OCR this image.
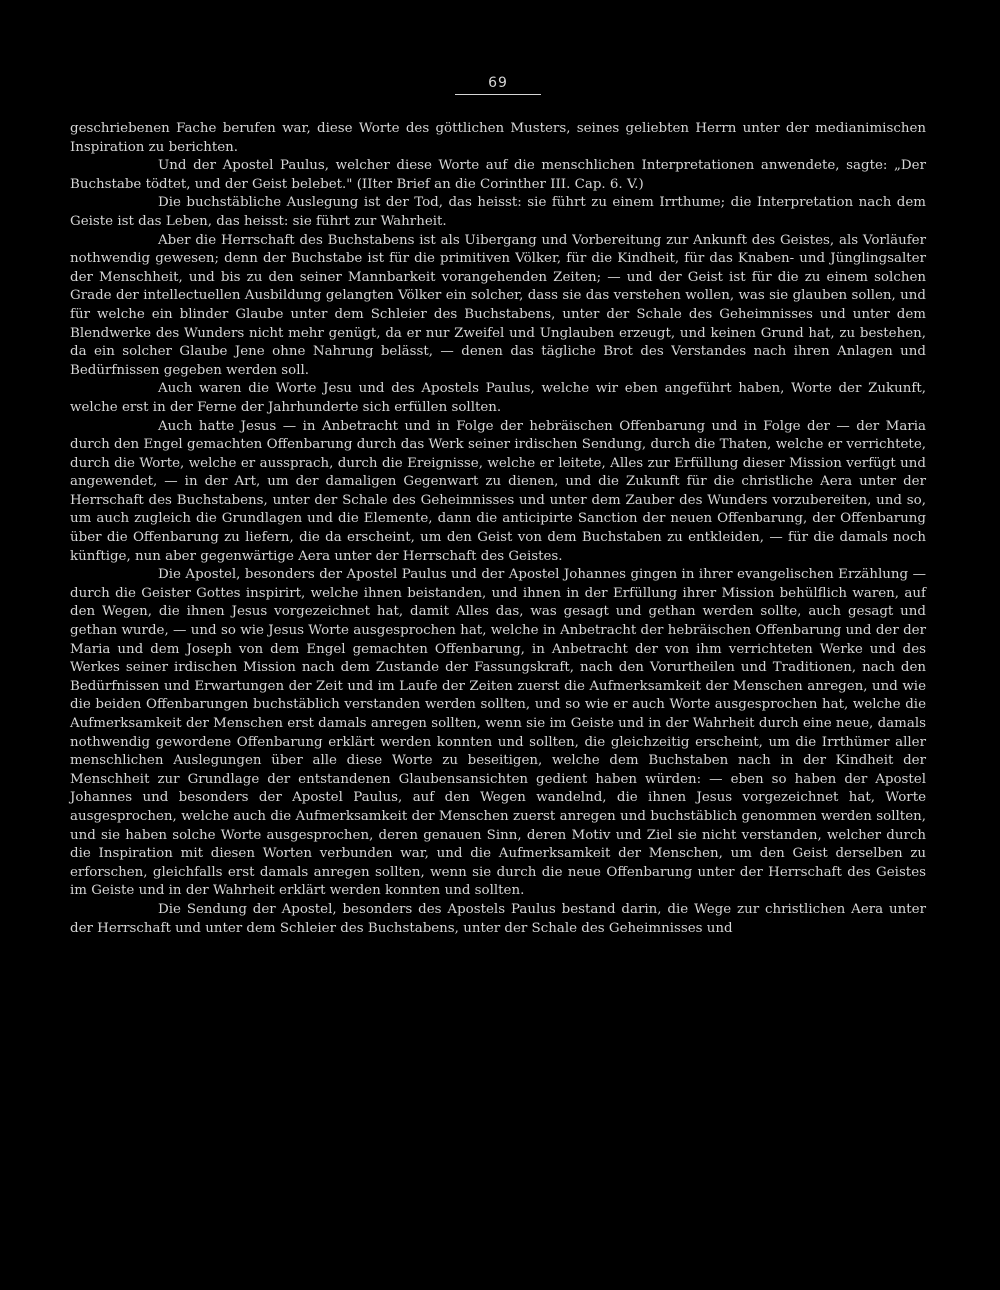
69

geschriebenen Fache berufen war, diese Worte des göttlichen Musters, seines geliebten Herrn unter der medianimischen Inspiration zu berichten.

Und der Apostel Paulus, welcher diese Worte auf die menschlichen Interpretationen anwendete, sagte: „Der Buchstabe tödtet, und der Geist belebet." (IIter Brief an die Corinther III. Cap. 6. V.)

Die buchstäbliche Auslegung ist der Tod, das heisst: sie führt zu einem Irrthume; die Interpretation nach dem Geiste ist das Leben, das heisst: sie führt zur Wahrheit.

Aber die Herrschaft des Buchstabens ist als Uibergang und Vorbereitung zur Ankunft des Geistes, als Vorläufer nothwendig gewesen; denn der Buchstabe ist für die primitiven Völker, für die Kindheit, für das Knaben- und Jünglingsalter der Menschheit, und bis zu den seiner Mannbarkeit vorangehenden Zeiten; — und der Geist ist für die zu einem solchen Grade der intellectuellen Ausbildung gelangten Völker ein solcher, dass sie das verstehen wollen, was sie glauben sollen, und für welche ein blinder Glaube unter dem Schleier des Buchstabens, unter der Schale des Geheimnisses und unter dem Blendwerke des Wunders nicht mehr genügt, da er nur Zweifel und Unglauben erzeugt, und keinen Grund hat, zu bestehen, da ein solcher Glaube Jene ohne Nahrung belässt, — denen das tägliche Brot des Verstandes nach ihren Anlagen und Bedürfnissen gegeben werden soll.

Auch waren die Worte Jesu und des Apostels Paulus, welche wir eben angeführt haben, Worte der Zukunft, welche erst in der Ferne der Jahrhunderte sich erfüllen sollten.

Auch hatte Jesus — in Anbetracht und in Folge der hebräischen Offenbarung und in Folge der — der Maria durch den Engel gemachten Offenbarung durch das Werk seiner irdischen Sendung, durch die Thaten, welche er verrichtete, durch die Worte, welche er aussprach, durch die Ereignisse, welche er leitete, Alles zur Erfüllung dieser Mission verfügt und angewendet, — in der Art, um der damaligen Gegenwart zu dienen, und die Zukunft für die christliche Aera unter der Herrschaft des Buchstabens, unter der Schale des Geheimnisses und unter dem Zauber des Wunders vorzubereiten, und so, um auch zugleich die Grundlagen und die Elemente, dann die anticipirte Sanction der neuen Offenbarung, der Offenbarung über die Offenbarung zu liefern, die da erscheint, um den Geist von dem Buchstaben zu entkleiden, — für die damals noch künftige, nun aber gegenwärtige Aera unter der Herrschaft des Geistes.

Die Apostel, besonders der Apostel Paulus und der Apostel Johannes gingen in ihrer evangelischen Erzählung — durch die Geister Gottes inspirirt, welche ihnen beistanden, und ihnen in der Erfüllung ihrer Mission behülflich waren, auf den Wegen, die ihnen Jesus vorgezeichnet hat, damit Alles das, was gesagt und gethan werden sollte, auch gesagt und gethan wurde, — und so wie Jesus Worte ausgesprochen hat, welche in Anbetracht der hebräischen Offenbarung und der der Maria und dem Joseph von dem Engel gemachten Offenbarung, in Anbetracht der von ihm verrichteten Werke und des Werkes seiner irdischen Mission nach dem Zustande der Fassungskraft, nach den Vorurtheilen und Traditionen, nach den Bedürfnissen und Erwartungen der Zeit und im Laufe der Zeiten zuerst die Aufmerksamkeit der Menschen anregen, und wie die beiden Offenbarungen buchstäblich verstanden werden sollten, und so wie er auch Worte ausgesprochen hat, welche die Aufmerksamkeit der Menschen erst damals anregen sollten, wenn sie im Geiste und in der Wahrheit durch eine neue, damals nothwendig gewordene Offenbarung erklärt werden konnten und sollten, die gleichzeitig erscheint, um die Irrthümer aller menschlichen Auslegungen über alle diese Worte zu beseitigen, welche dem Buchstaben nach in der Kindheit der Menschheit zur Grundlage der entstandenen Glaubensansichten gedient haben würden: — eben so haben der Apostel Johannes und besonders der Apostel Paulus, auf den Wegen wandelnd, die ihnen Jesus vorgezeichnet hat, Worte ausgesprochen, welche auch die Aufmerksamkeit der Menschen zuerst anregen und buchstäblich genommen werden sollten, und sie haben solche Worte ausgesprochen, deren genauen Sinn, deren Motiv und Ziel sie nicht verstanden, welcher durch die Inspiration mit diesen Worten verbunden war, und die Aufmerksamkeit der Menschen, um den Geist derselben zu erforschen, gleichfalls erst damals anregen sollten, wenn sie durch die neue Offenbarung unter der Herrschaft des Geistes im Geiste und in der Wahrheit erklärt werden konnten und sollten.

Die Sendung der Apostel, besonders des Apostels Paulus bestand darin, die Wege zur christlichen Aera unter der Herrschaft und unter dem Schleier des Buchstabens, unter der Schale des Geheimnisses und
